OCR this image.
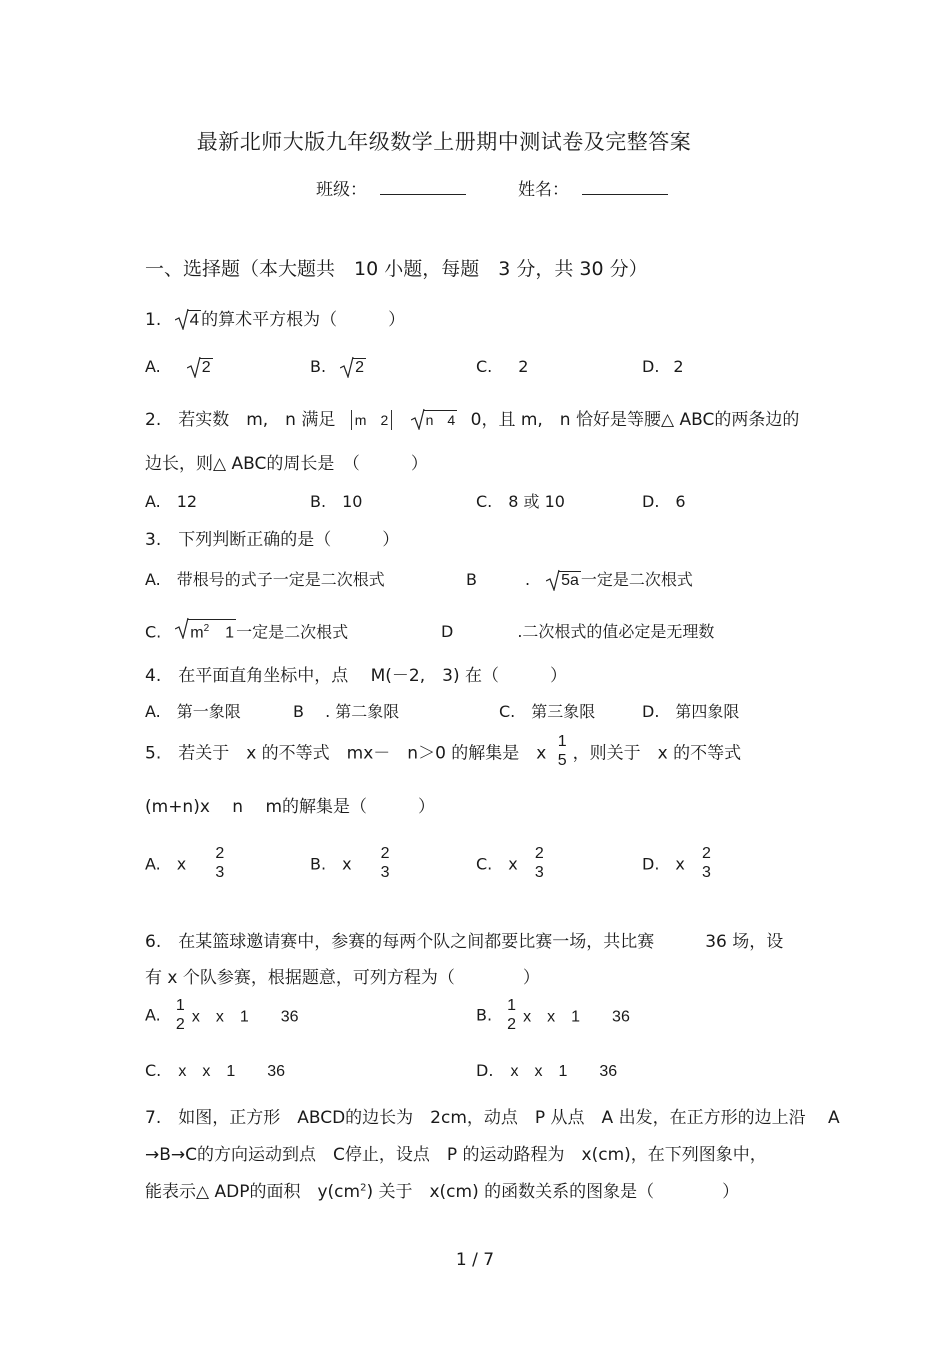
最新北师大版九年级数学上册期中测试卷及完整答案
班级：	姓名：
一、选择题（本大题共　10 小题，每题　3 分，共 30 分）
1. 4 的算术平方根为（　　　）
A.	2	B. 2	C. 2	D. 2
2.　若实数　m,　n 满足 m　2	n　4 0，且 m,　n 恰好是等腰△ ABC的两条边的
边长，则△ ABC的周长是　（　　　）
A.　12	B.　10	C.　8 或 10	D.　6
3.　下列判断正确的是（　　　）
A.　带根号的式子一定是二次根式	B　　　. 5a 一定是二次根式
C. $m^2$　1 一定是二次根式	D　　　　.二次根式的值必定是无理数
4.　在平面直角坐标中，点　 M(－2,　3) 在（　　　）
A.　第一象限	B　 . 第二象限	C.　第三象限	D.　第四象限
5.　若关于　x 的不等式　mx－　n＞0 的解集是　x
1
5 ，则关于　x 的不等式
(m+n)x　 n　 m的解集是（　　　）
A.　x
2
3	B.　x
2
3	C.　x
2
3	D.　x
2
3
6.　在某篮球邀请赛中，参赛的每两个队之间都要比赛一场，共比赛　　　36 场，设
有 x 个队参赛，根据题意，可列方程为（　　　　）
A. 1
2 x　x　1　　36	B. 1
2 x　x　1　　36
C. x　x　1　　36	D. x　x　1　　36
7.　如图，正方形　ABCD的边长为　2cm，动点　P 从点　A 出发，在正方形的边上沿　 A
→B→C的方向运动到点　C停止，设点　P 的运动路程为　x(cm)，在下列图象中，
能表示△ ADP的面积　$y(cm^2)$ 关于　x(cm) 的函数关系的图象是（　　　　）
1 / 7
